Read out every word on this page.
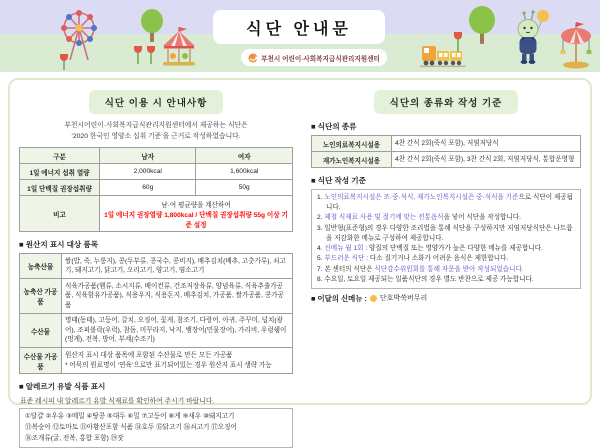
식단 안내문
부천시 어린이·사회복지급식관리지원센터
식단 이용 시 안내사항
부천시어린이·사회복지급식관리지원센터에서 제공하는 식단은
’2020 한국인 영양소 섭취 기준’을 근거로 작성하였습니다.
구분	남자	여자
1일 에너지 섭취 열량	2,000kcal	1,600kcal
1일 단백질 권장섭취량	60g	50g
비고	남·여 평균량을 계산하여
1일 에너지 권장열량 1,800kcal / 단백질 권장섭취량 55g 이상 기준 설정	
■ 원산지 표시 대상 품목
농축산물	쌀(밥, 죽, 누룽지), 콩(두부류, 콩국수, 콩비지), 배추김치(배추, 고춧가루), 쇠고기, 돼지고기, 닭고기, 오리고기, 양고기, 염소고기
농축산 가공품	식육가공품(햄류, 소시지류, 베이컨류, 건조저장육류, 양념육류, 식육추출가공품, 식육함유가공품), 식용우지, 식용돈지, 배추김치, 가공품, 쌀가공품, 콩가공품
수산물	명태(동태), 고등어, 갈치, 오징어, 꽃게, 참조기, 다랑어, 아귀, 주꾸미, 넙치(광어), 조피볼락(우럭), 참돔, 미꾸라지, 낙지, 뱀장어(민물장어), 가리비, 우렁쉥이(멍게), 전복, 방어, 부세(수조기)
수산물 가공품	원산지 표시 대상 품목에 포함된 수산물로 만든 모든 가공품
* 어묵의 원료명이 ‘연육’으로만 표기되어있는 경우 원산지 표시 생략 가능
■ 알레르기 유발 식품 표시
표준 레시피 내 알레르기 유발 식재료를 확인하여 주시기 바랍니다.
①달걀 ②우유 ③메밀 ④땅콩 ⑤대두 ⑥밀 ⑦고등어 ⑧게 ⑨새우 ⑩돼지고기
⑪복숭아 ⑫토마토 ⑬아황산포함 식품 ⑭호두 ⑮닭고기 ⑯쇠고기 ⑰오징어
⑱조개류(굴, 전복, 홍합 포함) ⑲잣
식단의 종류와 작성 기준
■ 식단의 종류
노인의료복지시설용	4찬 간식 2회(죽식 포함), 저염저당식
재가노인복지시설용	4찬 간식 2회(죽식 포함), 3찬 간식 2회, 저염저당식, 통합운영형
■ 식단 작성 기준
1. 노인의료복지시설은 조·중·석식, 재가노인복지시설은 중·석식을 기준으로 식단이 제공됩니다.
2. 제철 식재료 사용 및 절기에 맞는 전통음식을 넣어 식단을 작성합니다.
3. 일반형(표준형)의 경우 다양한 조리법을 통해 식단을 구성하지만 저염저당식단은 나트륨을 저감화한 메뉴로 구성하여 제공합니다.
4. 신메뉴 월 1회 : 양질의 단백질 또는 영양가가 높은 다양한 메뉴를 제공합니다.
5. 부드러운 식단 : 다소 질기거나 소화가 어려운 음식은 제한합니다.
7. 본 센터의 식단은 식단감수위원회를 통해 자문을 받아 작성되었습니다.
8. 수요일, 토요일 제공되는 일품식단의 경우 별도 반찬으로 제공 가능합니다.
■ 이달의 신메뉴 : 단호박쑥버무리
